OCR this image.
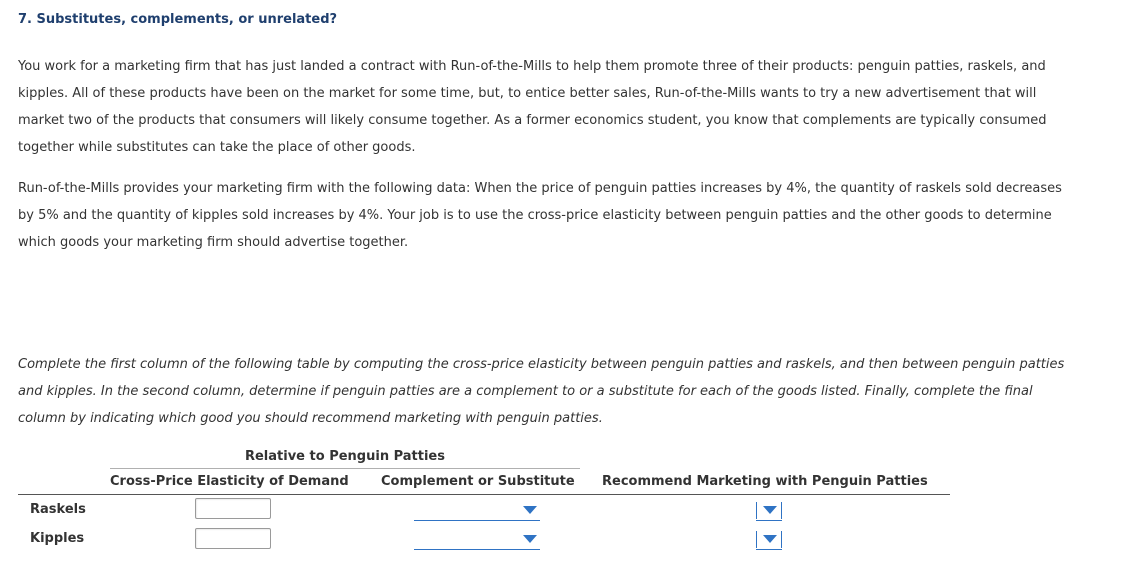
7. Substitutes, complements, or unrelated?
You work for a marketing firm that has just landed a contract with Run-of-the-Mills to help them promote three of their products: penguin patties, raskels, and kipples. All of these products have been on the market for some time, but, to entice better sales, Run-of-the-Mills wants to try a new advertisement that will market two of the products that consumers will likely consume together. As a former economics student, you know that complements are typically consumed together while substitutes can take the place of other goods.
Run-of-the-Mills provides your marketing firm with the following data: When the price of penguin patties increases by 4%, the quantity of raskels sold decreases by 5% and the quantity of kipples sold increases by 4%. Your job is to use the cross-price elasticity between penguin patties and the other goods to determine which goods your marketing firm should advertise together.
Complete the first column of the following table by computing the cross-price elasticity between penguin patties and raskels, and then between penguin patties and kipples. In the second column, determine if penguin patties are a complement to or a substitute for each of the goods listed. Finally, complete the final column by indicating which good you should recommend marketing with penguin patties.
Relative to Penguin Patties
Cross-Price Elasticity of Demand Complement or Substitute Recommend Marketing with Penguin Patties
Raskels
Kipples
